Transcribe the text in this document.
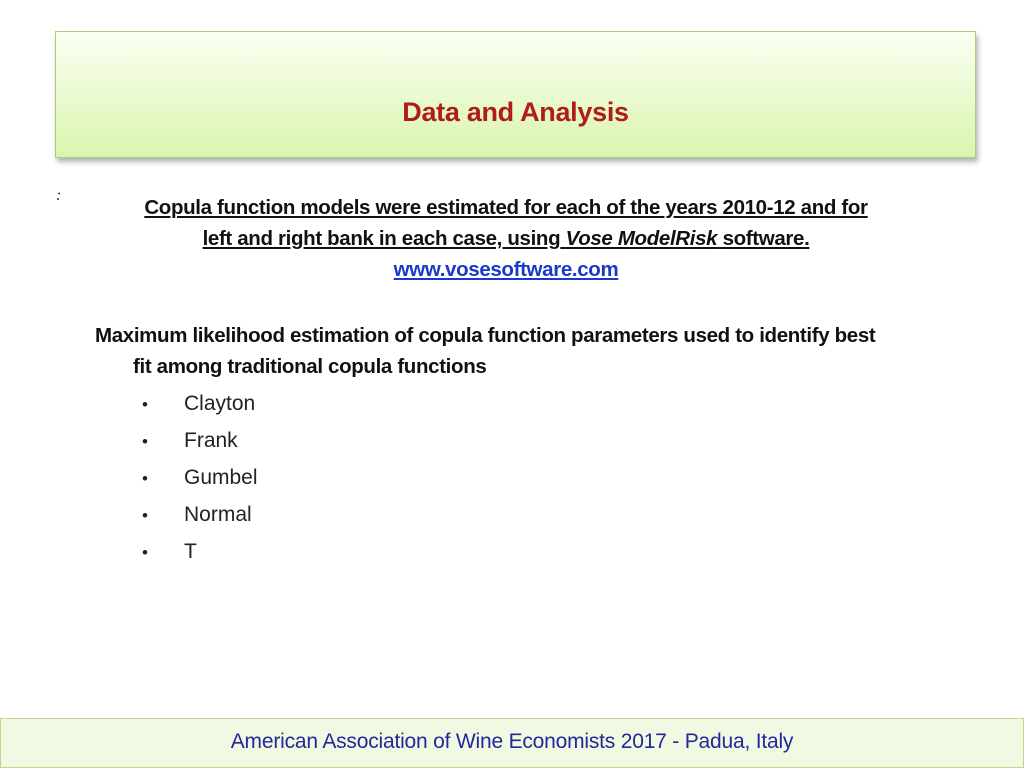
Data and Analysis
:
Copula function models were estimated for each of the years 2010-12 and for
left and right bank in each case, using Vose ModelRisk software.
www.vosesoftware.com
Maximum likelihood estimation of copula function parameters used to identify best fit among traditional copula functions
• Clayton
• Frank
• Gumbel
• Normal
• T
American Association of Wine Economists 2017 - Padua, Italy
